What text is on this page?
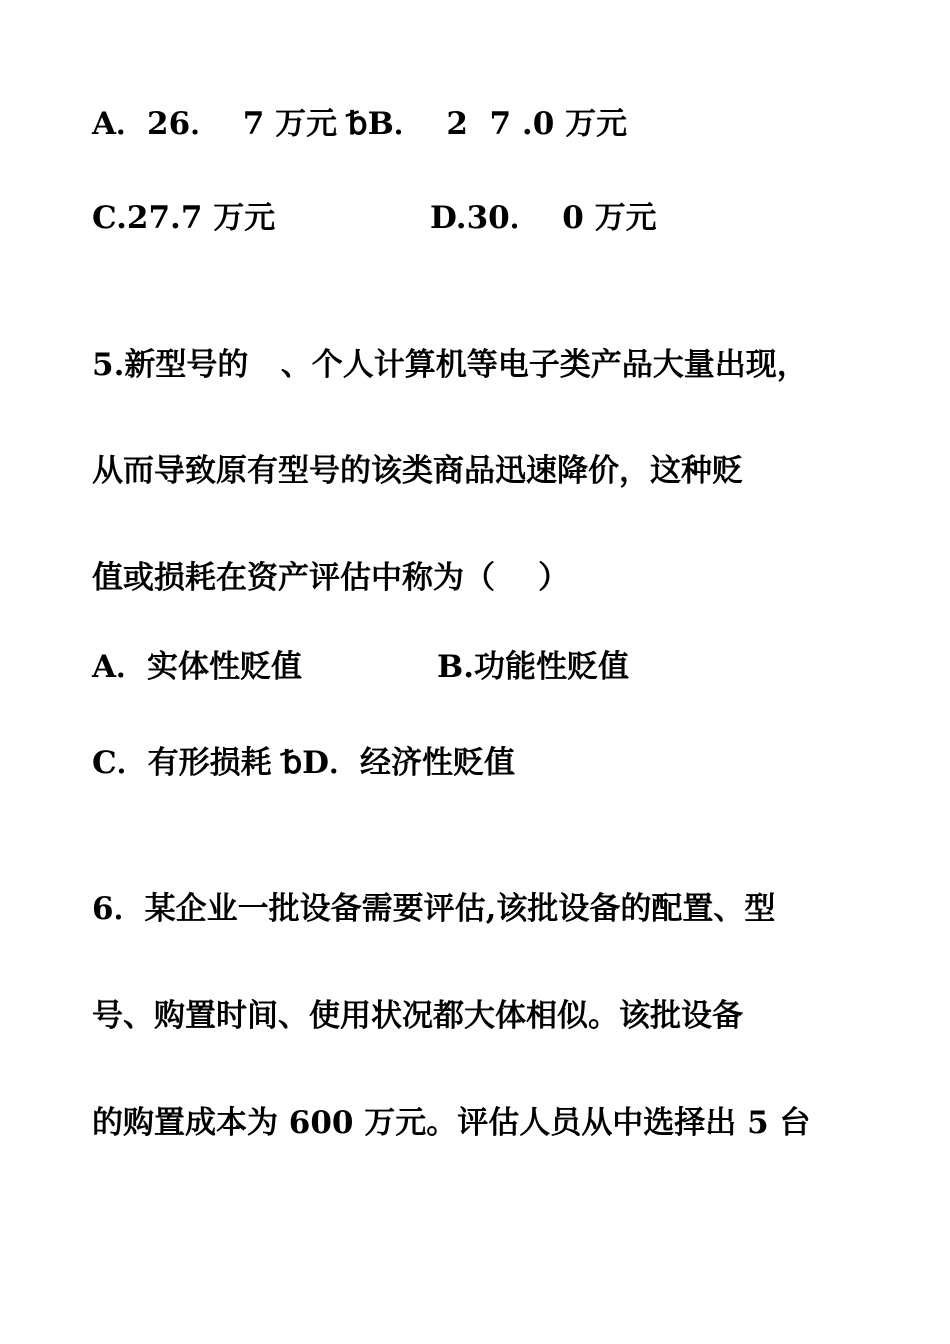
A．26．  7 万元 ␢B．  2  7 .0 万元

C.27.7 万元	D.30．  0 万元

5.新型号的   、个人计算机等电子类产品大量出现，

从而导致原有型号的该类商品迅速降价，这种贬

值或损耗在资产评估中称为（    ）

A．实体性贬值	B.功能性贬值

C．有形损耗 ␢D．经济性贬值

6．某企业一批设备需要评估,该批设备的配置、型

号、购置时间、使用状况都大体相似。该批设备

的购置成本为 600 万元。评估人员从中选择出 5 台
